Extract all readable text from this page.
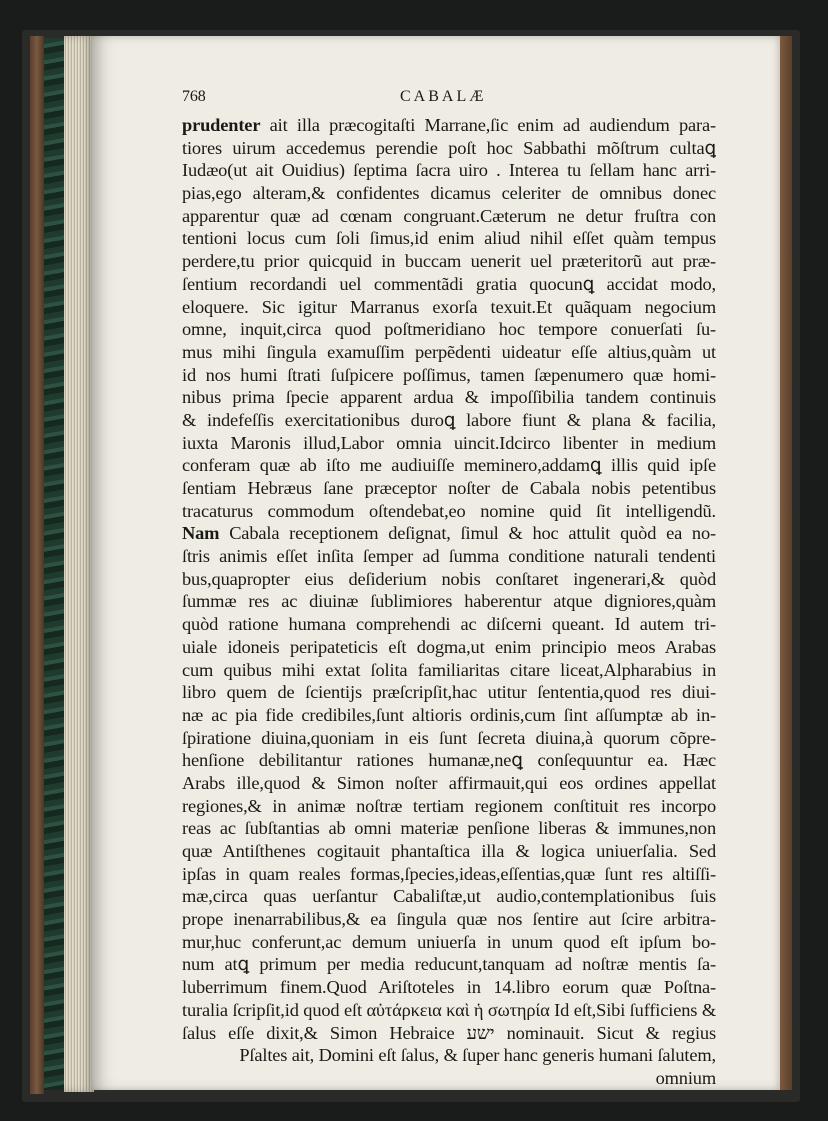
768	CABALÆ
prudenter ait illa præcogitaſti Marrane,ſic enim ad audiendum para-
tiores uirum accedemus perendie poſt hoc Sabbathi mõſtrum cultaꝗ
Iudæo(ut ait Ouidius) ſeptima ſacra uiro . Interea tu ſellam hanc arri-
pias,ego alteram,& confidentes dicamus celeriter de omnibus donec
apparentur quæ ad cœnam congruant.Cæterum ne detur fruſtra con
tentioni locus cum ſoli ſimus,id enim aliud nihil eſſet quàm tempus
perdere,tu prior quicquid in buccam uenerit uel præteritorũ aut præ-
ſentium recordandi uel commentãdi gratia quocunꝗ accidat modo,
eloquere. Sic igitur Marranus exorſa texuit.Et quãquam negocium
omne, inquit,circa quod poſtmeridiano hoc tempore conuerſati ſu-
mus mihi ſingula examuſſim perpẽdenti uideatur eſſe altius,quàm ut
id nos humi ſtrati ſuſpicere poſſimus, tamen ſæpenumero quæ homi-
nibus prima ſpecie apparent ardua & impoſſibilia tandem continuis
& indefeſſis exercitationibus duroꝗ labore fiunt & plana & facilia,
iuxta Maronis illud,Labor omnia uincit.Idcirco libenter in medium
conferam quæ ab iſto me audiuiſſe meminero,addamꝗ illis quid ipſe
ſentiam Hebræus ſane præceptor noſter de Cabala nobis petentibus
tracaturus commodum oſtendebat,eo nomine quid ſit intelligendũ.
Nam Cabala receptionem deſignat, ſimul & hoc attulit quòd ea no-
ſtris animis eſſet inſita ſemper ad ſumma conditione naturali tendenti
bus,quapropter eius deſiderium nobis conſtaret ingenerari,& quòd
ſummæ res ac diuinæ ſublimiores haberentur atque digniores,quàm
quòd ratione humana comprehendi ac diſcerni queant. Id autem tri-
uiale idoneis peripateticis eſt dogma,ut enim principio meos Arabas
cum quibus mihi extat ſolita familiaritas citare liceat,Alpharabius in
libro quem de ſcientijs præſcripſit,hac utitur ſententia,quod res diui-
næ ac pia fide credibiles,ſunt altioris ordinis,cum ſint aſſumptæ ab in-
ſpiratione diuina,quoniam in eis ſunt ſecreta diuina,à quorum cõpre-
henſione debilitantur rationes humanæ,neꝗ conſequuntur ea. Hæc
Arabs ille,quod & Simon noſter affirmauit,qui eos ordines appellat
regiones,& in animæ noſtræ tertiam regionem conſtituit res incorpo
reas ac ſubſtantias ab omni materiæ penſione liberas & immunes,non
quæ Antiſthenes cogitauit phantaſtica illa & logica uniuerſalia. Sed
ipſas in quam reales formas,ſpecies,ideas,eſſentias,quæ ſunt res altiſſi-
mæ,circa quas uerſantur Cabaliſtæ,ut audio,contemplationibus ſuis
prope inenarrabilibus,& ea ſingula quæ nos ſentire aut ſcire arbitra-
mur,huc conferunt,ac demum uniuerſa in unum quod eſt ipſum bo-
num atꝗ primum per media reducunt,tanquam ad noſtræ mentis ſa-
luberrimum finem.Quod Ariſtoteles in 14.libro eorum quæ Poſtna-
turalia ſcripſit,id quod eſt αὐτάρκεια καὶ ἡ σωτηρία Id eſt,Sibi ſufficiens &
ſalus eſſe dixit,& Simon Hebraice ישע nominauit. Sicut & regius
Pſaltes ait, Domini eſt ſalus, & ſuper hanc generis humani ſalutem,
omnium
